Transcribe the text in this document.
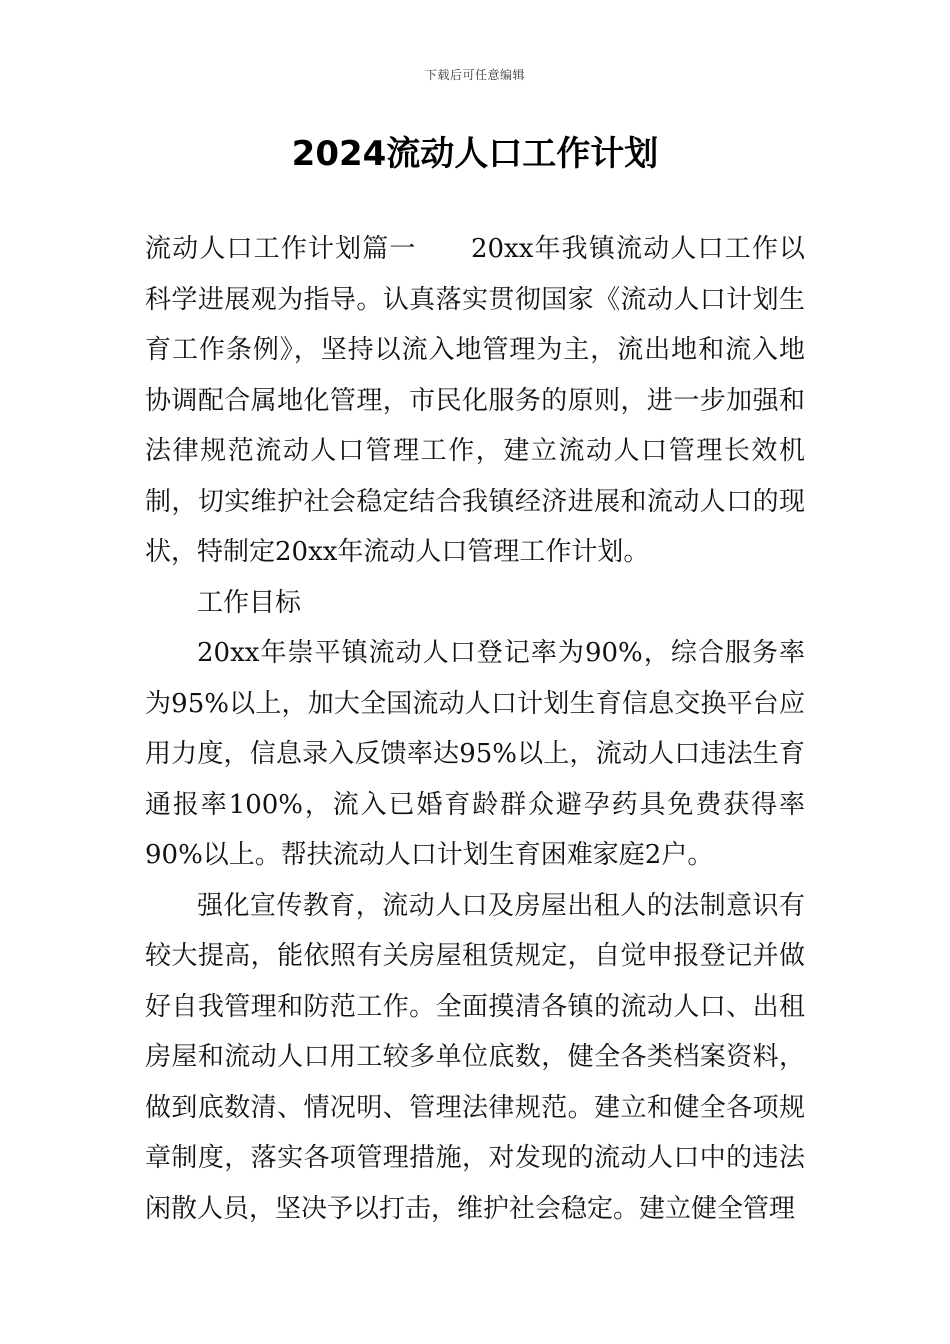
下载后可任意编辑
2024流动人口工作计划

流动人口工作计划篇一　　20xx年我镇流动人口工作以科学进展观为指导。认真落实贯彻国家《流动人口计划生育工作条例》，坚持以流入地管理为主，流出地和流入地协调配合属地化管理，市民化服务的原则，进一步加强和法律规范流动人口管理工作，建立流动人口管理长效机制，切实维护社会稳定结合我镇经济进展和流动人口的现状，特制定20xx年流动人口管理工作计划。

工作目标

20xx年崇平镇流动人口登记率为90%，综合服务率为95%以上，加大全国流动人口计划生育信息交换平台应用力度，信息录入反馈率达95%以上，流动人口违法生育通报率100%，流入已婚育龄群众避孕药具免费获得率90%以上。帮扶流动人口计划生育困难家庭2户。

强化宣传教育，流动人口及房屋出租人的法制意识有较大提高，能依照有关房屋租赁规定，自觉申报登记并做好自我管理和防范工作。全面摸清各镇的流动人口、出租房屋和流动人口用工较多单位底数，健全各类档案资料，做到底数清、情况明、管理法律规范。建立和健全各项规章制度，落实各项管理措施，对发现的流动人口中的违法闲散人员，坚决予以打击，维护社会稳定。建立健全管理
